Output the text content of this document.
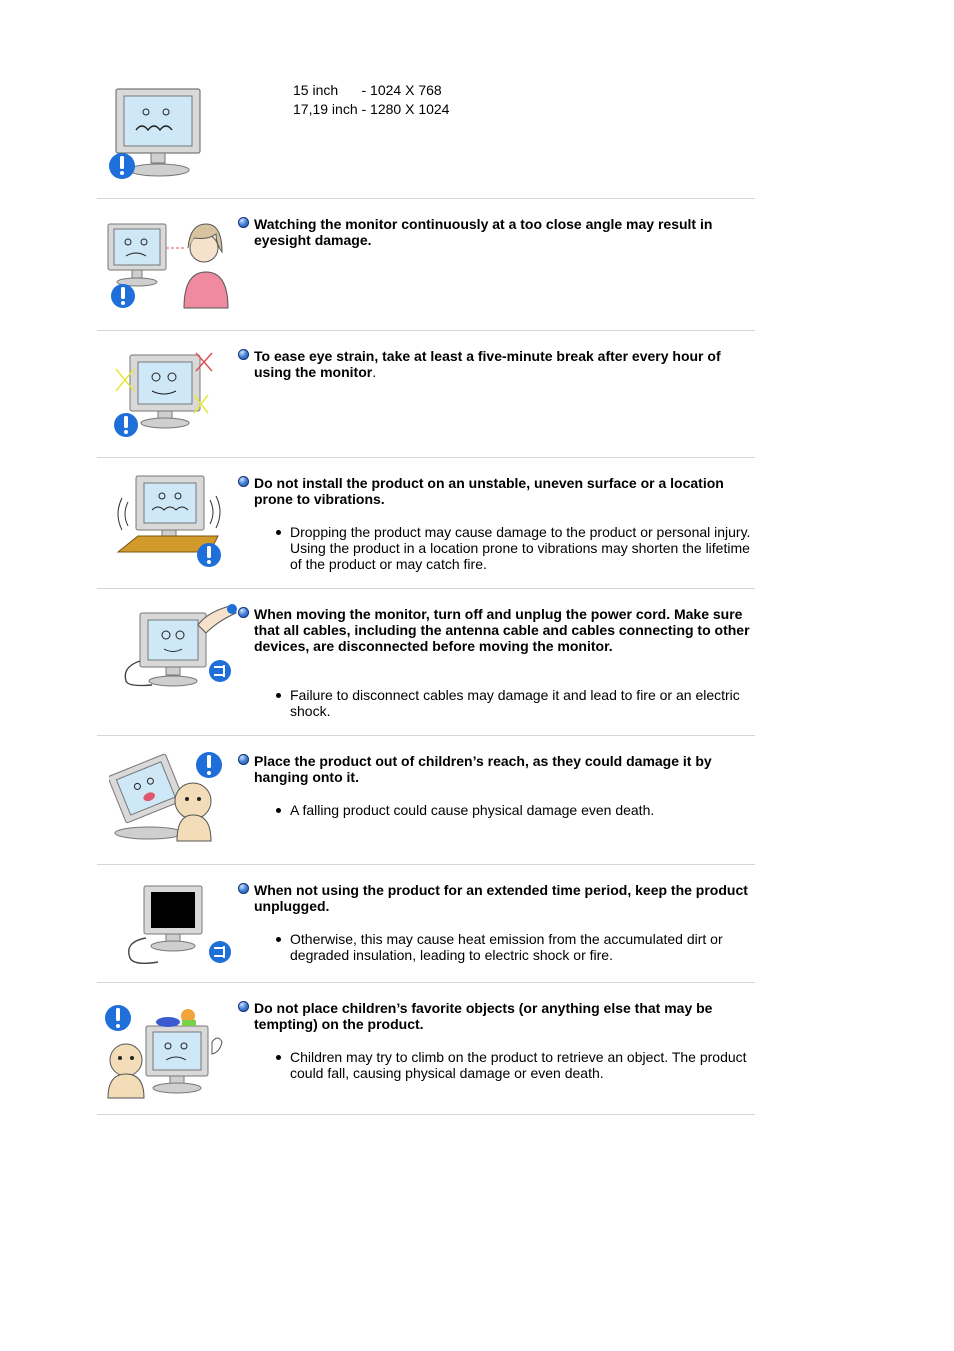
15 inch - 1024 X 768
17,19 inch - 1280 X 1024
Watching the monitor continuously at a too close angle may result in eyesight damage.
To ease eye strain, take at least a five-minute break after every hour of using the monitor.
Do not install the product on an unstable, uneven surface or a location prone to vibrations.
Dropping the product may cause damage to the product or personal injury. Using the product in a location prone to vibrations may shorten the lifetime of the product or may catch fire.
When moving the monitor, turn off and unplug the power cord. Make sure that all cables, including the antenna cable and cables connecting to other devices, are disconnected before moving the monitor.
Failure to disconnect cables may damage it and lead to fire or an electric shock.
Place the product out of children’s reach, as they could damage it by hanging onto it.
A falling product could cause physical damage even death.
When not using the product for an extended time period, keep the product unplugged.
Otherwise, this may cause heat emission from the accumulated dirt or degraded insulation, leading to electric shock or fire.
Do not place children’s favorite objects (or anything else that may be tempting) on the product.
Children may try to climb on the product to retrieve an object. The product could fall, causing physical damage or even death.
